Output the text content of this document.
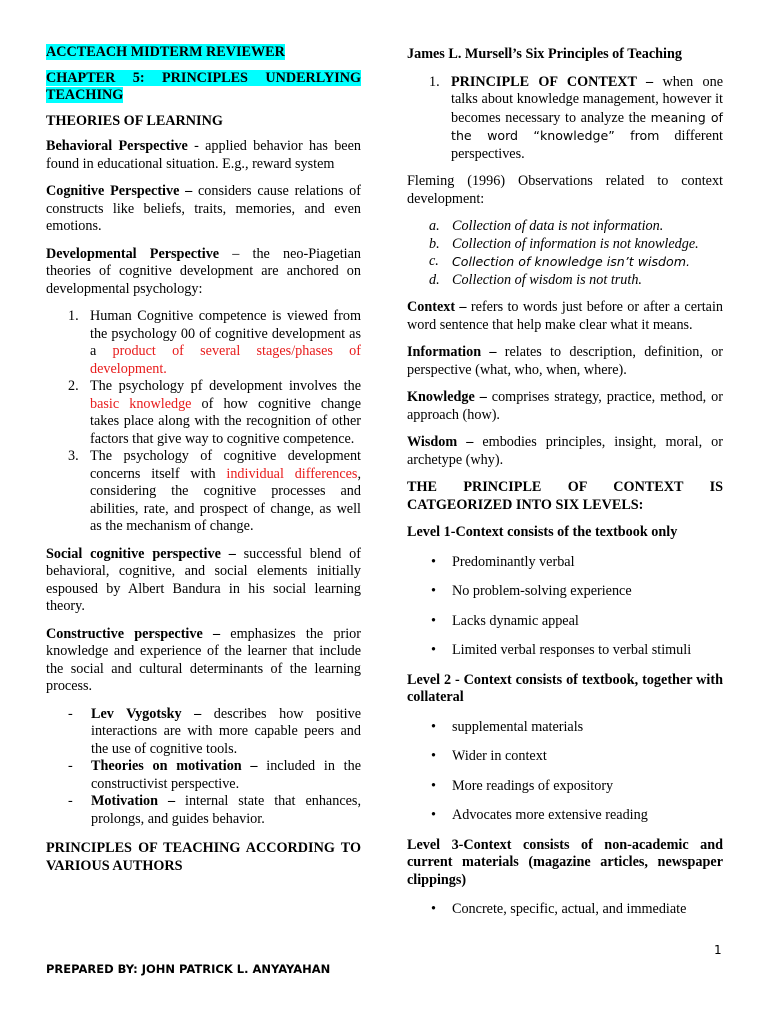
ACCTEACH MIDTERM REVIEWER

CHAPTER 5: PRINCIPLES UNDERLYING TEACHING

THEORIES OF LEARNING

Behavioral Perspective - applied behavior has been found in educational situation. E.g., reward system

Cognitive Perspective – considers cause relations of constructs like beliefs, traits, memories, and even emotions.

Developmental Perspective – the neo-Piagetian theories of cognitive development are anchored on developmental psychology:

1. Human Cognitive competence is viewed from the psychology 00 of cognitive development as a product of several stages/phases of development.
2. The psychology pf development involves the basic knowledge of how cognitive change takes place along with the recognition of other factors that give way to cognitive competence.
3. The psychology of cognitive development concerns itself with individual differences, considering the cognitive processes and abilities, rate, and prospect of change, as well as the mechanism of change.

Social cognitive perspective – successful blend of behavioral, cognitive, and social elements initially espoused by Albert Bandura in his social learning theory.

Constructive perspective – emphasizes the prior knowledge and experience of the learner that include the social and cultural determinants of the learning process.

- Lev Vygotsky – describes how positive interactions are with more capable peers and the use of cognitive tools.
- Theories on motivation – included in the constructivist perspective.
- Motivation – internal state that enhances, prolongs, and guides behavior.

PRINCIPLES OF TEACHING ACCORDING TO VARIOUS AUTHORS

James L. Mursell’s Six Principles of Teaching

1. PRINCIPLE OF CONTEXT – when one talks about knowledge management, however it becomes necessary to analyze the meaning of the word “knowledge” from different perspectives.

Fleming (1996) Observations related to context development:

a. Collection of data is not information.
b. Collection of information is not knowledge.
c. Collection of knowledge isn’t wisdom.
d. Collection of wisdom is not truth.

Context – refers to words just before or after a certain word sentence that help make clear what it means.

Information – relates to description, definition, or perspective (what, who, when, where).

Knowledge – comprises strategy, practice, method, or approach (how).

Wisdom – embodies principles, insight, moral, or archetype (why).

THE PRINCIPLE OF CONTEXT IS CATGEORIZED INTO SIX LEVELS:

Level 1-Context consists of the textbook only

• Predominantly verbal
• No problem-solving experience
• Lacks dynamic appeal
• Limited verbal responses to verbal stimuli

Level 2 - Context consists of textbook, together with collateral

• supplemental materials
• Wider in context
• More readings of expository
• Advocates more extensive reading

Level 3-Context consists of non-academic and current materials (magazine articles, newspaper clippings)

• Concrete, specific, actual, and immediate
1
PREPARED BY: JOHN PATRICK L. ANYAYAHAN
